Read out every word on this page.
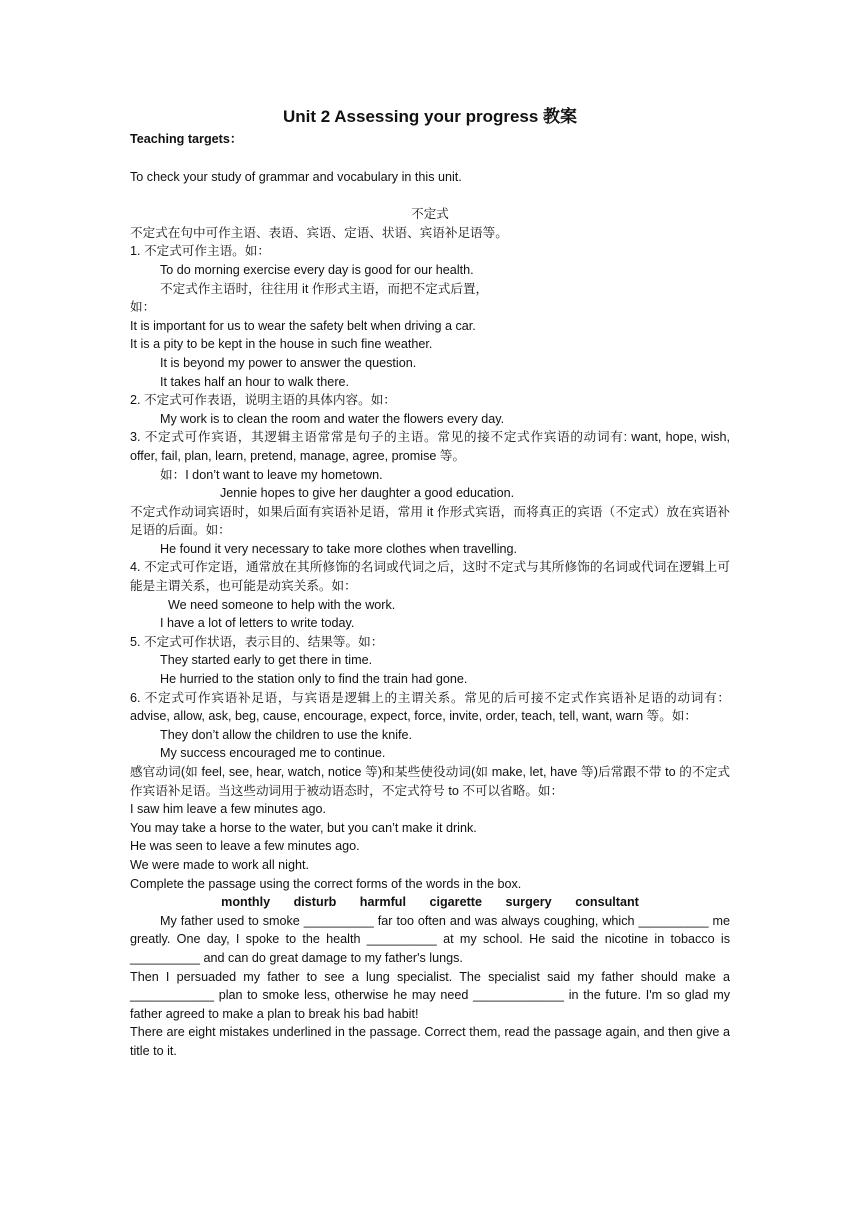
Unit 2 Assessing your progress 教案

Teaching targets：

To check your study of grammar and vocabulary in this unit.

不定式

不定式在句中可作主语、表语、宾语、定语、状语、宾语补足语等。

1. 不定式可作主语。如：

To do morning exercise every day is good for our health.

不定式作主语时，往往用 it 作形式主语，而把不定式后置，

如：

It is important for us to wear the safety belt when driving a car.

It is a pity to be kept in the house in such fine weather.

It is beyond my power to answer the question.

It takes half an hour to walk there.

2. 不定式可作表语，说明主语的具体内容。如：

My work is to clean the room and water the flowers every day.

3. 不定式可作宾语，其逻辑主语常常是句子的主语。常见的接不定式作宾语的动词有: want, hope, wish, offer, fail, plan, learn, pretend, manage, agree, promise 等。

如：I don’t want to leave my hometown.

Jennie hopes to give her daughter a good education.

不定式作动词宾语时，如果后面有宾语补足语，常用 it 作形式宾语，而将真正的宾语（不定式）放在宾语补足语的后面。如：

He found it very necessary to take more clothes when travelling.

4. 不定式可作定语，通常放在其所修饰的名词或代词之后，这时不定式与其所修饰的名词或代词在逻辑上可能是主谓关系，也可能是动宾关系。如：

We need someone to help with the work.

I have a lot of letters to write today.

5. 不定式可作状语，表示目的、结果等。如：

They started early to get there in time.

He hurried to the station only to find the train had gone.

6. 不定式可作宾语补足语，与宾语是逻辑上的主谓关系。常见的后可接不定式作宾语补足语的动词有：advise, allow, ask, beg, cause, encourage, expect, force, invite, order, teach, tell, want, warn 等。如：

They don’t allow the children to use the knife.

My success encouraged me to continue.

感官动词(如 feel, see, hear, watch, notice 等)和某些使役动词(如 make, let, have 等)后常跟不带 to 的不定式作宾语补足语。当这些动词用于被动语态时，不定式符号 to 不可以省略。如：

I saw him leave a few minutes ago.

You may take a horse to the water, but you can’t make it drink.

He was seen to leave a few minutes ago.

We were made to work all night.

Complete the passage using the correct forms of the words in the box.

monthly disturb harmful cigarette surgery consultant

My father used to smoke __________ far too often and was always coughing, which __________ me greatly. One day, I spoke to the health __________ at my school. He said the nicotine in tobacco is __________ and can do great damage to my father's lungs.

Then I persuaded my father to see a lung specialist. The specialist said my father should make a ____________ plan to smoke less, otherwise he may need _____________ in the future. I'm so glad my father agreed to make a plan to break his bad habit!

There are eight mistakes underlined in the passage. Correct them, read the passage again, and then give a title to it.
